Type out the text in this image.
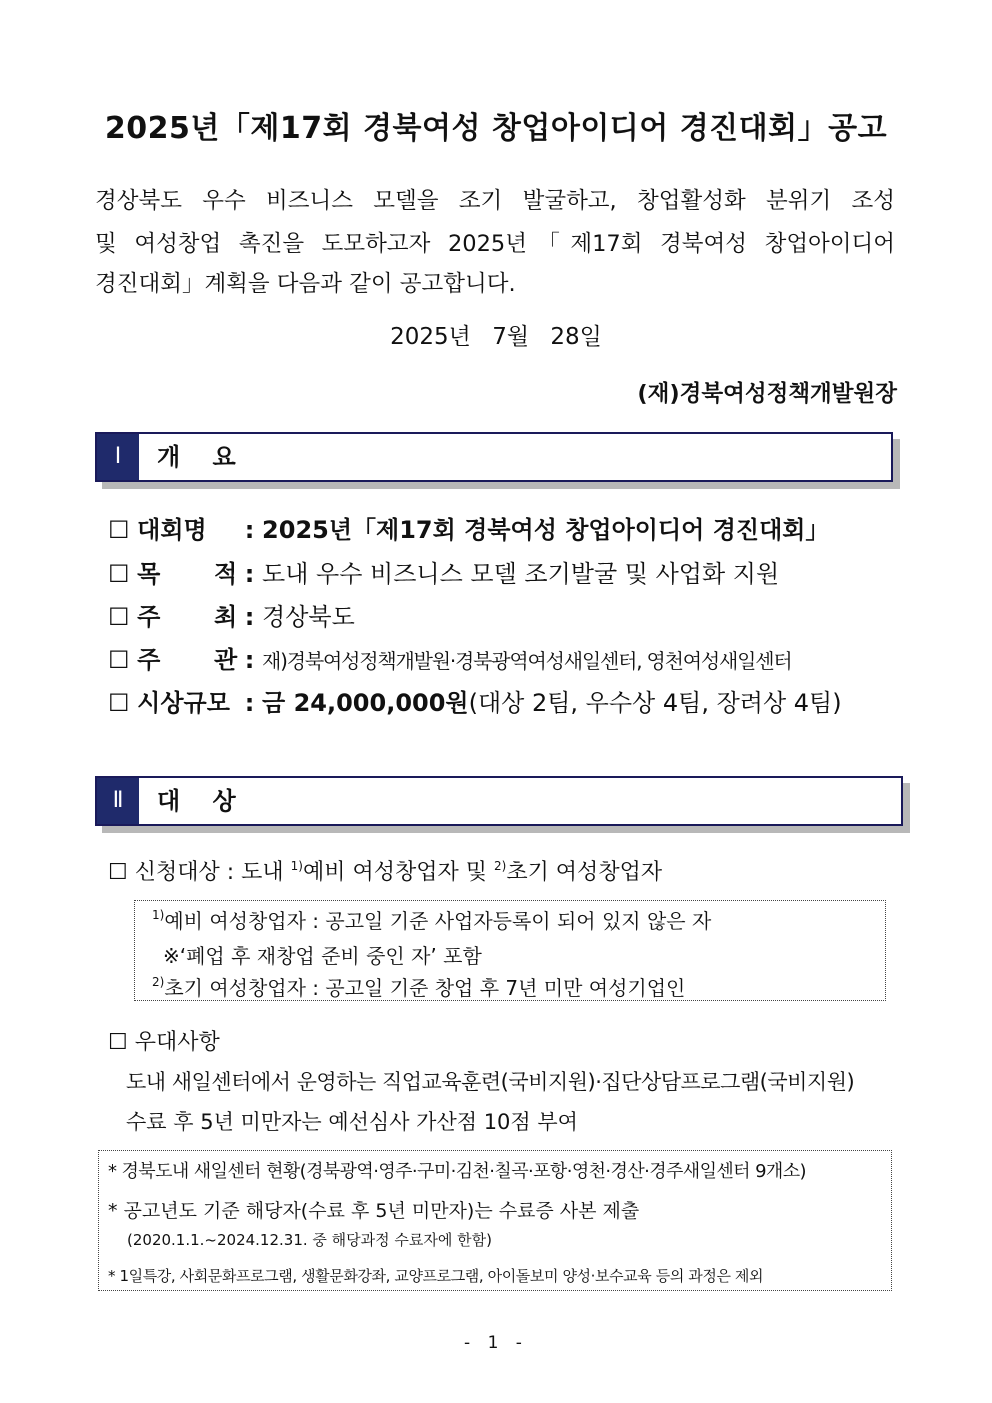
2025년「제17회 경북여성 창업아이디어 경진대회」공고
경상북도 우수 비즈니스 모델을 조기 발굴하고, 창업활성화 분위기 조성
및 여성창업 촉진을 도모하고자 2025년「제17회 경북여성 창업아이디어
경진대회」계획을 다음과 같이 공고합니다.
2025년 7월 28일
(재)경북여성정책개발원장
Ⅰ	개 요
☐ 대회명 : 2025년「제17회 경북여성 창업아이디어 경진대회」
☐ 목 적 : 도내 우수 비즈니스 모델 조기발굴 및 사업화 지원
☐ 주 최 : 경상북도
☐ 주 관 : 재)경북여성정책개발원·경북광역여성새일센터, 영천여성새일센터
☐ 시상규모 : 금 24,000,000원(대상 2팀, 우수상 4팀, 장려상 4팀)
Ⅱ	대 상
☐ 신청대상 : 도내 $^{1)}$예비 여성창업자 및 $^{2)}$초기 여성창업자
$^{1)}$예비 여성창업자 : 공고일 기준 사업자등록이 되어 있지 않은 자
※‘폐업 후 재창업 준비 중인 자’ 포함
$^{2)}$초기 여성창업자 : 공고일 기준 창업 후 7년 미만 여성기업인
☐ 우대사항
도내 새일센터에서 운영하는 직업교육훈련(국비지원)·집단상담프로그램(국비지원)
수료 후 5년 미만자는 예선심사 가산점 10점 부여
* 경북도내 새일센터 현황(경북광역·영주·구미·김천·칠곡·포항·영천·경산·경주새일센터 9개소)
* 공고년도 기준 해당자(수료 후 5년 미만자)는 수료증 사본 제출
(2020.1.1.~2024.12.31. 중 해당과정 수료자에 한함)
* 1일특강, 사회문화프로그램, 생활문화강좌, 교양프로그램, 아이돌보미 양성·보수교육 등의 과정은 제외
- 1 -
